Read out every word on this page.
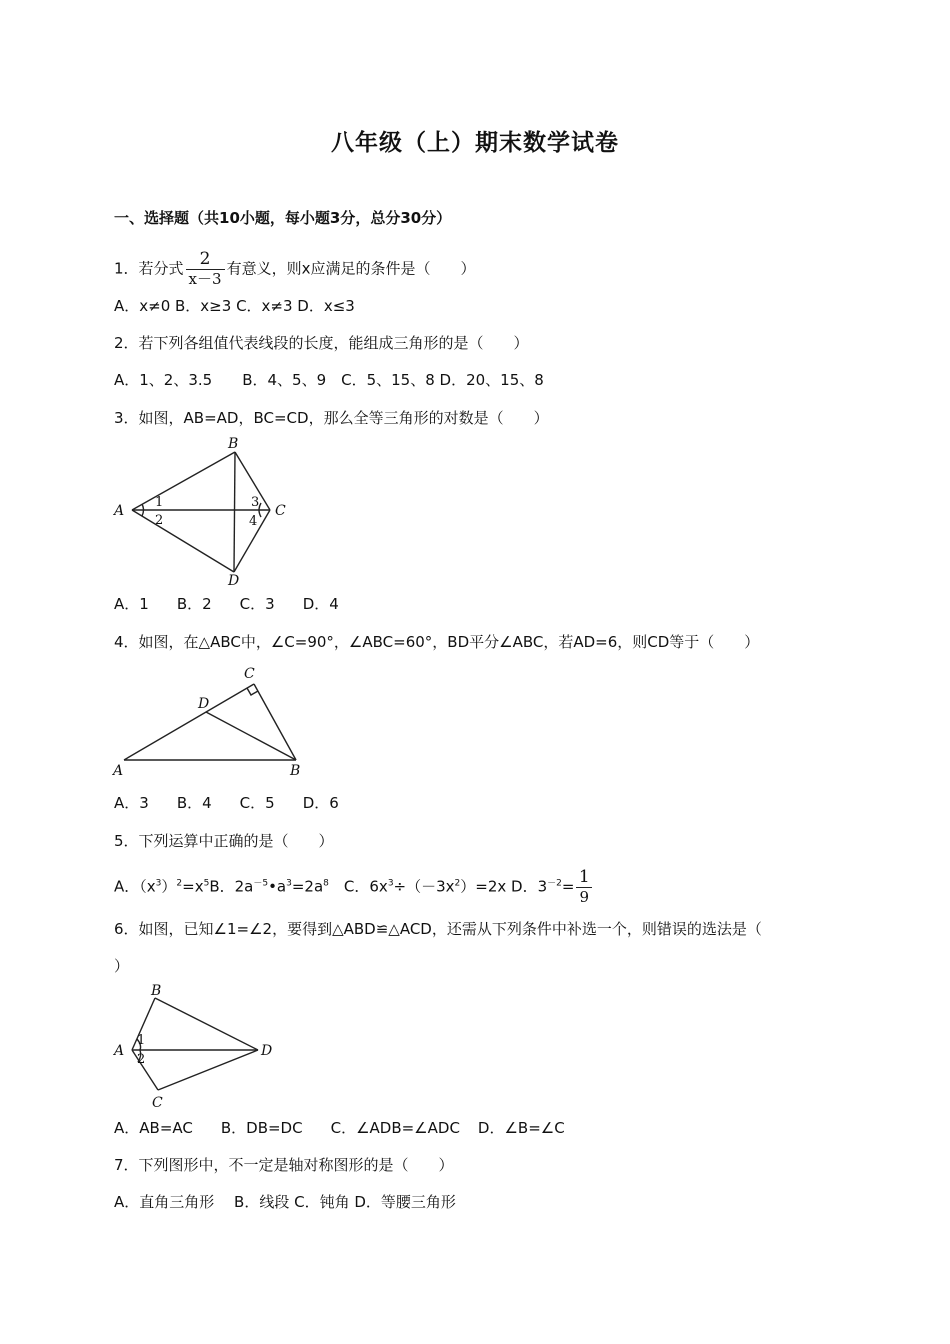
八年级（上）期末数学试卷
一、选择题（共10小题，每小题3分，总分30分）
1．若分式 $\frac{2}{x-3}$ 有意义，则x应满足的条件是（　　）
A．x≠0 B．x≥3 C．x≠3 D．x≤3
2．若下列各组值代表线段的长度，能组成三角形的是（　　）
A．1、2、3.5　　B．4、5、9　C．5、15、8 D．20、15、8
3．如图，AB=AD，BC=CD，那么全等三角形的对数是（　　）
A
B
C
D
1
2
3
4
A．1 B．2 C．3 D．4
4．如图，在△ABC中，∠C=90°，∠ABC=60°，BD平分∠ABC，若AD=6，则CD等于（　　）
A	B
C
D
A．3 B．4 C．5 D．6
5．下列运算中正确的是（　　）
A．$(x^3)^2=x^5B$．$2a^{-5}•a^3=2a^8$　C．$6x^3\div(-3x^2)=2x$ D．$3^{-2}= \frac{1}{9}$
6．如图，已知∠1=∠2，要得到△ABD≌△ACD，还需从下列条件中补选一个，则错误的选法是（
）
A
B
C
D
1
2
A．AB=AC B．DB=DC C．∠ADB=∠ADC D．∠B=∠C
7．下列图形中，不一定是轴对称图形的是（　　）
A．直角三角形　 B．线段 C．钝角 D．等腰三角形
